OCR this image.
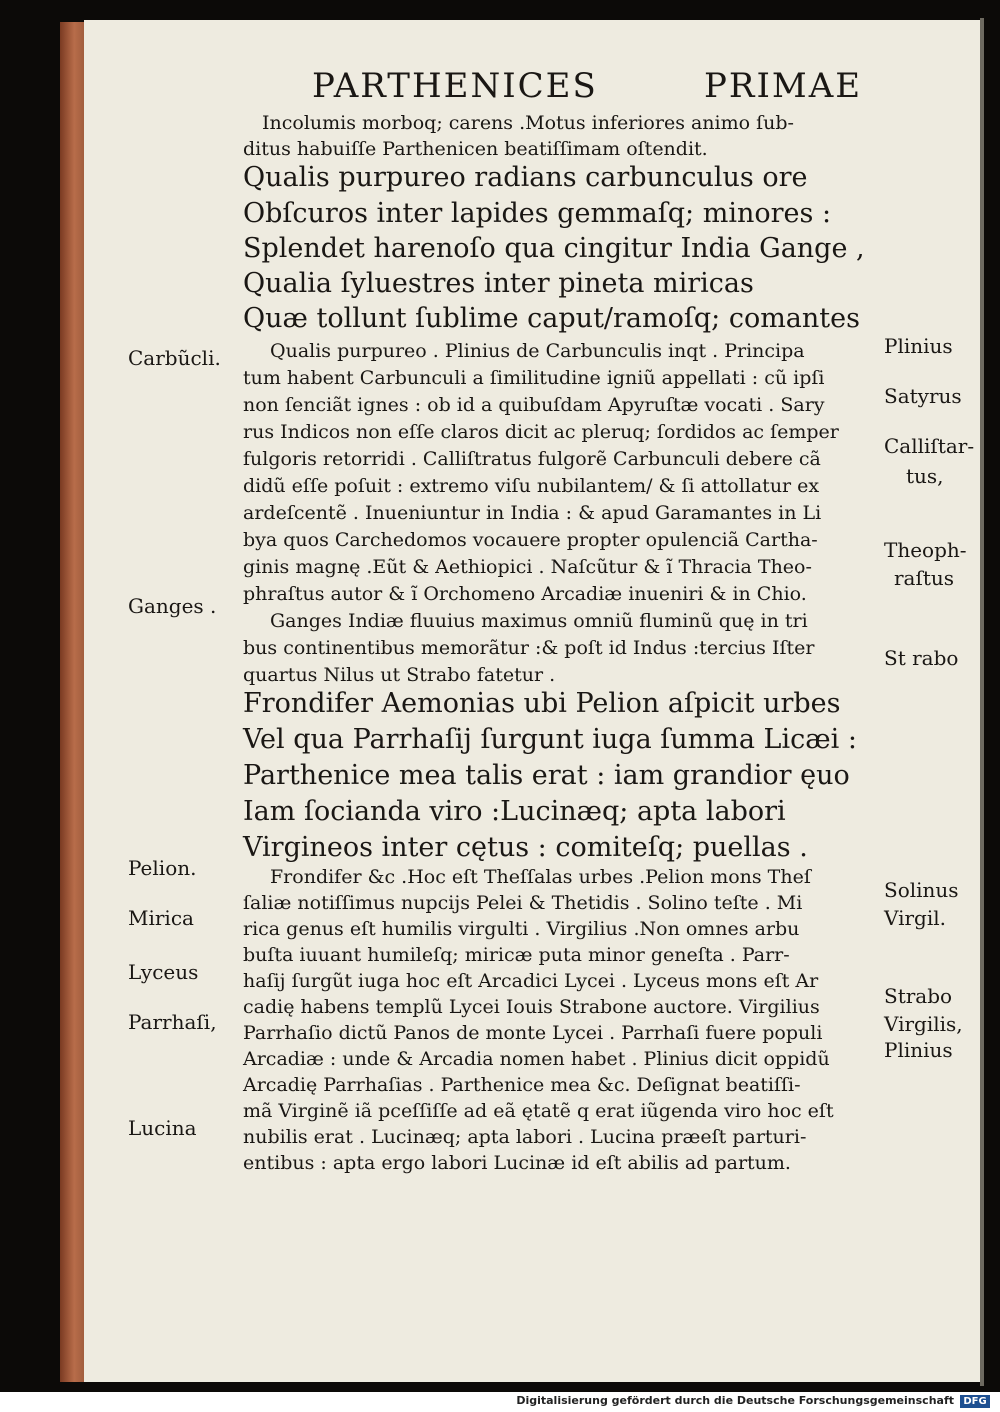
PARTHENICES	PRIMAE
Incolumis morboq; carens .Motus inferiores animo ſub-
ditus habuiſſe Parthenicen beatiſſimam oſtendit.
Qualis purpureo radians carbunculus ore
Obſcuros inter lapides gemmaſq; minores :
Splendet harenoſo qua cingitur India Gange ,
Qualia ſyluestres inter pineta miricas
Quæ tollunt ſublime caput/ramoſq; comantes
Qualis purpureo . Plinius de Carbunculis inqt . Principa
tum habent Carbunculi a ſimilitudine igniũ appellati : cũ ipſi
non ſenciãt ignes : ob id a quibuſdam Apyruſtæ vocati . Sary
rus Indicos non eſſe claros dicit ac pleruq; ſordidos ac ſemper
fulgoris retorridi . Calliſtratus fulgorẽ Carbunculi debere cã
didũ eſſe poſuit : extremo viſu nubilantem/ & ſi attollatur ex
ardeſcentẽ . Inueniuntur in India : & apud Garamantes in Li
bya quos Carchedomos vocauere propter opulenciã Cartha-
ginis magnę .Eũt & Aethiopici . Naſcũtur & ĩ Thracia Theo-
phraſtus autor & ĩ Orchomeno Arcadiæ inueniri & in Chio.
Ganges Indiæ fluuius maximus omniũ fluminũ quę in tri
bus continentibus memorãtur :& poſt id Indus :tercius Iſter
quartus Nilus ut Strabo fatetur .
Frondifer Aemonias ubi Pelion aſpicit urbes
Vel qua Parrhaſij ſurgunt iuga ſumma Licæi :
Parthenice mea talis erat : iam grandior ęuo
Iam ſocianda viro :Lucinæq; apta labori
Virgineos inter cętus : comiteſq; puellas .
Frondifer &c .Hoc eſt Theſſalas urbes .Pelion mons Theſ
ſaliæ notiſſimus nupcijs Pelei & Thetidis . Solino teſte . Mi
rica genus eſt humilis virgulti . Virgilius .Non omnes arbu
buſta iuuant humileſq; miricæ puta minor geneſta . Parr-
haſij ſurgũt iuga hoc eſt Arcadici Lycei . Lyceus mons eſt Ar
cadię habens templũ Lycei Iouis Strabone auctore. Virgilius
Parrhaſio dictũ Panos de monte Lycei . Parrhaſi fuere populi
Arcadiæ : unde & Arcadia nomen habet . Plinius dicit oppidũ
Arcadię Parrhaſias . Parthenice mea &c. Deſignat beatiſſi-
mã Virginẽ iã pceſſiſſe ad eã ętatẽ q erat iũgenda viro hoc eſt
nubilis erat . Lucinæq; apta labori . Lucina præeſt parturi-
entibus : apta ergo labori Lucinæ id eſt abilis ad partum.
Carbũcli.
Ganges .
Pelion.
Mirica
Lyceus
Parrhaſi,
Lucina
Plinius
Satyrus
Calliſtar-
tus,
Theoph-
raſtus
St rabo
Solinus
Virgil.
Strabo
Virgilis,
Plinius
Digitalisierung gefördert durch die Deutsche Forschungsgemeinschaft DFG
